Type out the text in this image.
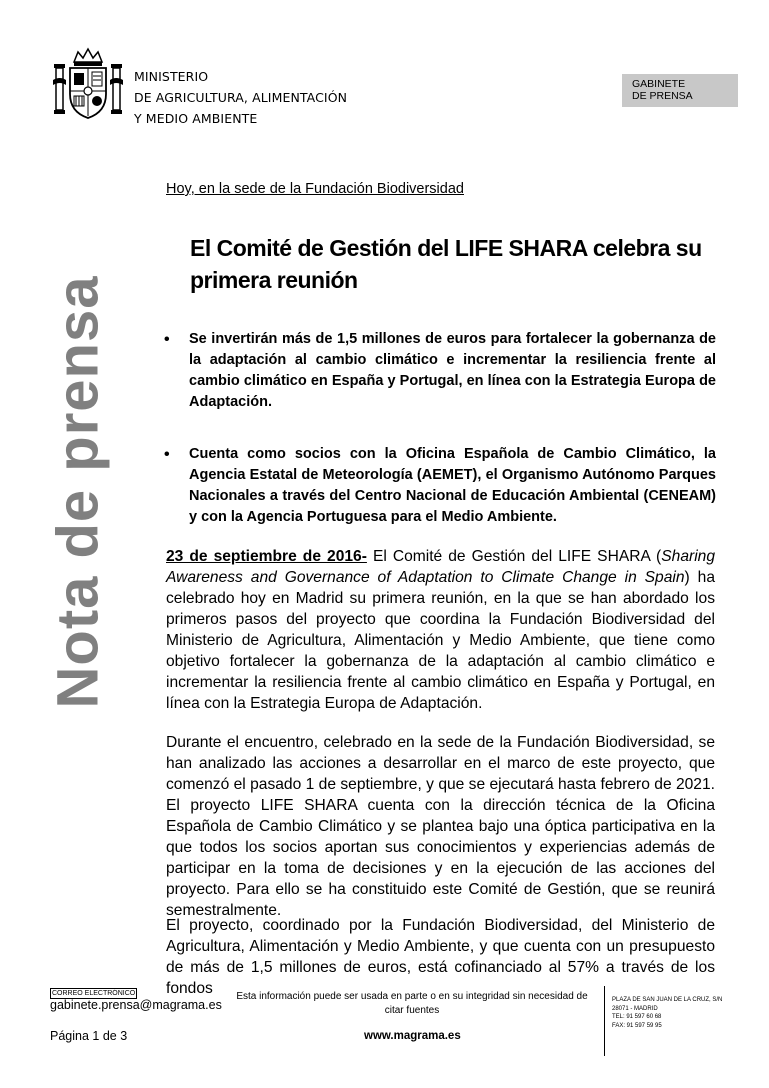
MINISTERIO
DE AGRICULTURA, ALIMENTACIÓN
Y MEDIO AMBIENTE
GABINETE
DE PRENSA
Nota de prensa
Hoy, en la sede de la Fundación Biodiversidad
El Comité de Gestión del LIFE SHARA celebra su primera reunión
• Se invertirán más de 1,5 millones de euros para fortalecer la gobernanza de la adaptación al cambio climático e incrementar la resiliencia frente al cambio climático en España y Portugal, en línea con la Estrategia Europa de Adaptación.
• Cuenta como socios con la Oficina Española de Cambio Climático, la Agencia Estatal de Meteorología (AEMET), el Organismo Autónomo Parques Nacionales a través del Centro Nacional de Educación Ambiental (CENEAM) y con la Agencia Portuguesa para el Medio Ambiente.
23 de septiembre de 2016- El Comité de Gestión del LIFE SHARA (Sharing Awareness and Governance of Adaptation to Climate Change in Spain) ha celebrado hoy en Madrid su primera reunión, en la que se han abordado los primeros pasos del proyecto que coordina la Fundación Biodiversidad del Ministerio de Agricultura, Alimentación y Medio Ambiente, que tiene como objetivo fortalecer la gobernanza de la adaptación al cambio climático e incrementar la resiliencia frente al cambio climático en España y Portugal, en línea con la Estrategia Europa de Adaptación.
Durante el encuentro, celebrado en la sede de la Fundación Biodiversidad, se han analizado las acciones a desarrollar en el marco de este proyecto, que comenzó el pasado 1 de septiembre, y que se ejecutará hasta febrero de 2021. El proyecto LIFE SHARA cuenta con la dirección técnica de la Oficina Española de Cambio Climático y se plantea bajo una óptica participativa en la que todos los socios aportan sus conocimientos y experiencias además de participar en la toma de decisiones y en la ejecución de las acciones del proyecto. Para ello se ha constituido este Comité de Gestión, que se reunirá semestralmente.
El proyecto, coordinado por la Fundación Biodiversidad, del Ministerio de Agricultura, Alimentación y Medio Ambiente, y que cuenta con un presupuesto de más de 1,5 millones de euros, está cofinanciado al 57% a través de los fondos
CORREO ELECTRÓNICO
gabinete.prensa@magrama.es
Esta información puede ser usada en parte o en su integridad sin necesidad de citar fuentes
PLAZA DE SAN JUAN DE LA CRUZ, S/N
28071 - MADRID
TEL: 91 597 60 68
FAX: 91 597 59 95
Página 1 de 3	www.magrama.es
